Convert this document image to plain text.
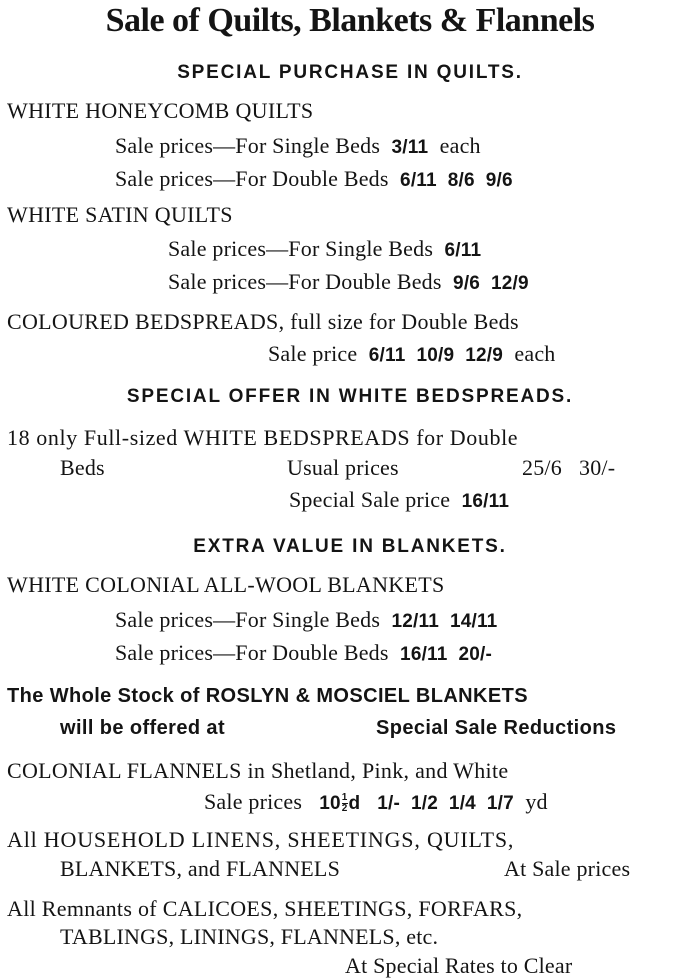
Sale of Quilts, Blankets & Flannels
SPECIAL PURCHASE IN QUILTS.
WHITE HONEYCOMB QUILTS
Sale prices—For Single Beds 3/11 each
Sale prices—For Double Beds 6/11  8/6  9/6
WHITE SATIN QUILTS
Sale prices—For Single Beds 6/11
Sale prices—For Double Beds 9/6  12/9
COLOURED BEDSPREADS, full size for Double Beds
Sale price 6/11  10/9  12/9 each
SPECIAL OFFER IN WHITE BEDSPREADS.
18 only Full-sized WHITE BEDSPREADS for Double
Beds	Usual prices	25/6   30/-
Special Sale price 16/11
EXTRA VALUE IN BLANKETS.
WHITE COLONIAL ALL-WOOL BLANKETS
Sale prices—For Single Beds 12/11  14/11
Sale prices—For Double Beds 16/11  20/-
The Whole Stock of ROSLYN & MOSCIEL BLANKETS
will be offered at	Special Sale Reductions
COLONIAL FLANNELS in Shetland, Pink, and White
Sale prices $10 \frac{1}{2}$ d 1/-  1/2  1/4  1/7 yd
All HOUSEHOLD LINENS, SHEETINGS, QUILTS,
BLANKETS, and FLANNELS	At Sale prices
All Remnants of CALICOES, SHEETINGS, FORFARS,
TABLINGS, LININGS, FLANNELS, etc.
At Special Rates to Clear
